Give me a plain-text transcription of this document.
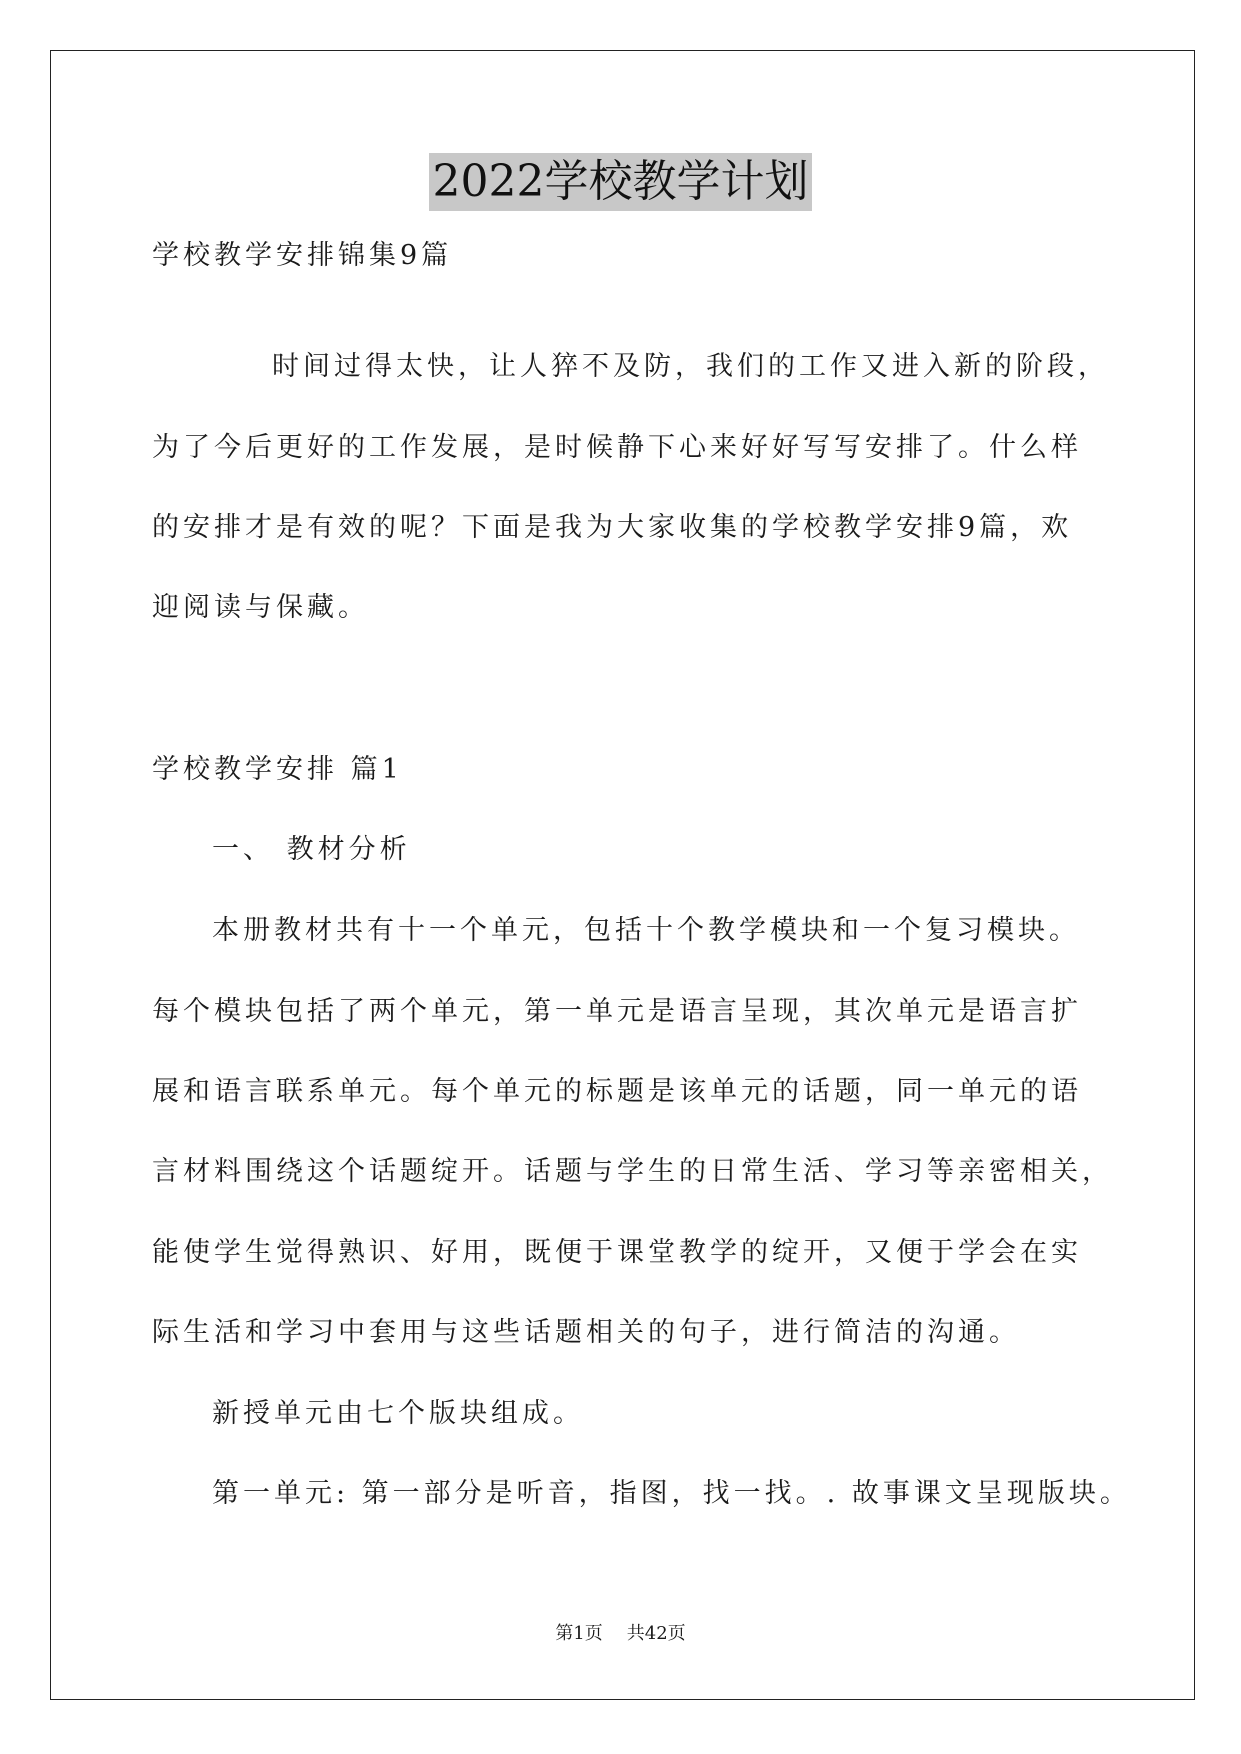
2022学校教学计划
学校教学安排锦集9篇
时间过得太快，让人猝不及防，我们的工作又进入新的阶段，
为了今后更好的工作发展，是时候静下心来好好写写安排了。什么样
的安排才是有效的呢？下面是我为大家收集的学校教学安排9篇，欢
迎阅读与保藏。
学校教学安排 篇1
一、 教材分析
本册教材共有十一个单元，包括十个教学模块和一个复习模块。
每个模块包括了两个单元，第一单元是语言呈现，其次单元是语言扩
展和语言联系单元。每个单元的标题是该单元的话题，同一单元的语
言材料围绕这个话题绽开。话题与学生的日常生活、学习等亲密相关，
能使学生觉得熟识、好用，既便于课堂教学的绽开，又便于学会在实
际生活和学习中套用与这些话题相关的句子，进行简洁的沟通。
新授单元由七个版块组成。
第一单元: 第一部分是听音，指图，找一找。. 故事课文呈现版块。
第1页 共42页
